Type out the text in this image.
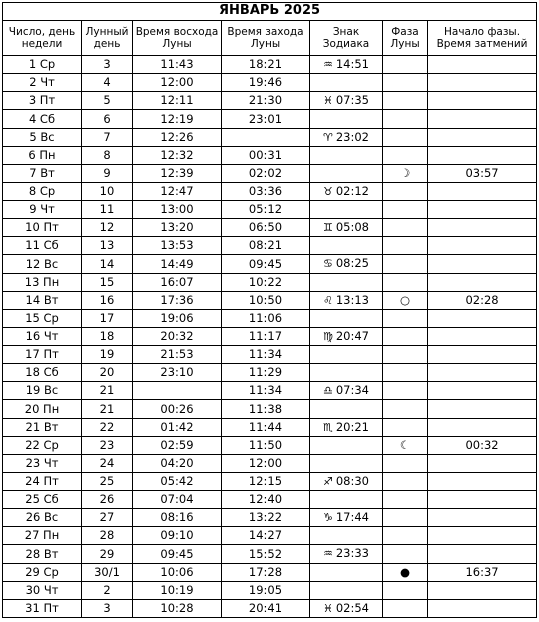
ЯНВАРЬ 2025						
Число, день недели	Лунный день	Время восхода Луны	Время захода Луны	Знак Зодиака	Фаза Луны	Начало фазы. Время затмений
1 Ср	3	11:43	18:21	♒ 14:51		
2 Чт	4	12:00	19:46			
3 Пт	5	12:11	21:30	♓ 07:35		
4 Сб	6	12:19	23:01			
5 Вс	7	12:26		♈ 23:02		
6 Пн	8	12:32	00:31			
7 Вт	9	12:39	02:02		☽	03:57
8 Ср	10	12:47	03:36	♉ 02:12		
9 Чт	11	13:00	05:12			
10 Пт	12	13:20	06:50	♊ 05:08		
11 Сб	13	13:53	08:21			
12 Вс	14	14:49	09:45	♋ 08:25		
13 Пн	15	16:07	10:22			
14 Вт	16	17:36	10:50	♌ 13:13	○	02:28
15 Ср	17	19:06	11:06			
16 Чт	18	20:32	11:17	♍ 20:47		
17 Пт	19	21:53	11:34			
18 Сб	20	23:10	11:29			
19 Вс	21		11:34	♎ 07:34		
20 Пн	21	00:26	11:38			
21 Вт	22	01:42	11:44	♏ 20:21		
22 Ср	23	02:59	11:50		☾	00:32
23 Чт	24	04:20	12:00			
24 Пт	25	05:42	12:15	♐ 08:30		
25 Сб	26	07:04	12:40			
26 Вс	27	08:16	13:22	♑ 17:44		
27 Пн	28	09:10	14:27			
28 Вт	29	09:45	15:52	♒ 23:33		
29 Ср	30/1	10:06	17:28		●	16:37
30 Чт	2	10:19	19:05			
31 Пт	3	10:28	20:41	♓ 02:54		
